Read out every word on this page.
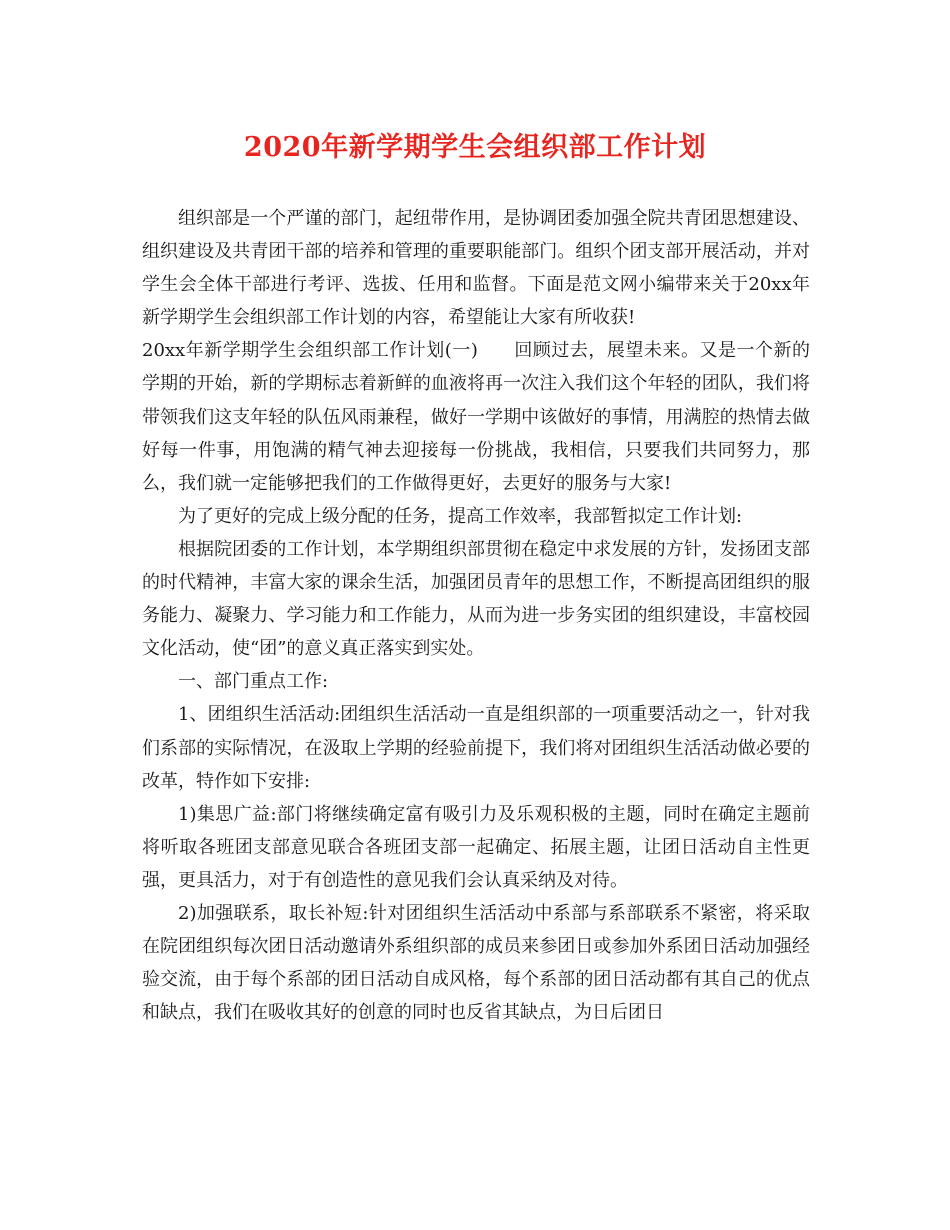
2020年新学期学生会组织部工作计划

组织部是一个严谨的部门，起纽带作用，是协调团委加强全院共青团思想建设、组织建设及共青团干部的培养和管理的重要职能部门。组织个团支部开展活动，并对学生会全体干部进行考评、选拔、任用和监督。下面是范文网小编带来关于20xx年新学期学生会组织部工作计划的内容，希望能让大家有所收获!

20xx年新学期学生会组织部工作计划(一) 回顾过去，展望未来。又是一个新的学期的开始，新的学期标志着新鲜的血液将再一次注入我们这个年轻的团队，我们将带领我们这支年轻的队伍风雨兼程，做好一学期中该做好的事情，用满腔的热情去做好每一件事，用饱满的精气神去迎接每一份挑战，我相信，只要我们共同努力，那么，我们就一定能够把我们的工作做得更好，去更好的服务与大家!

为了更好的完成上级分配的任务，提高工作效率，我部暂拟定工作计划:

根据院团委的工作计划，本学期组织部贯彻在稳定中求发展的方针，发扬团支部的时代精神，丰富大家的课余生活，加强团员青年的思想工作，不断提高团组织的服务能力、凝聚力、学习能力和工作能力，从而为进一步务实团的组织建设，丰富校园文化活动，使“团”的意义真正落实到实处。

一、部门重点工作:

1、团组织生活活动:团组织生活活动一直是组织部的一项重要活动之一，针对我们系部的实际情况，在汲取上学期的经验前提下，我们将对团组织生活活动做必要的改革，特作如下安排:

1)集思广益:部门将继续确定富有吸引力及乐观积极的主题，同时在确定主题前将听取各班团支部意见联合各班团支部一起确定、拓展主题，让团日活动自主性更强，更具活力，对于有创造性的意见我们会认真采纳及对待。

2)加强联系，取长补短:针对团组织生活活动中系部与系部联系不紧密，将采取在院团组织每次团日活动邀请外系组织部的成员来参团日或参加外系团日活动加强经验交流，由于每个系部的团日活动自成风格，每个系部的团日活动都有其自己的优点和缺点，我们在吸收其好的创意的同时也反省其缺点，为日后团日
